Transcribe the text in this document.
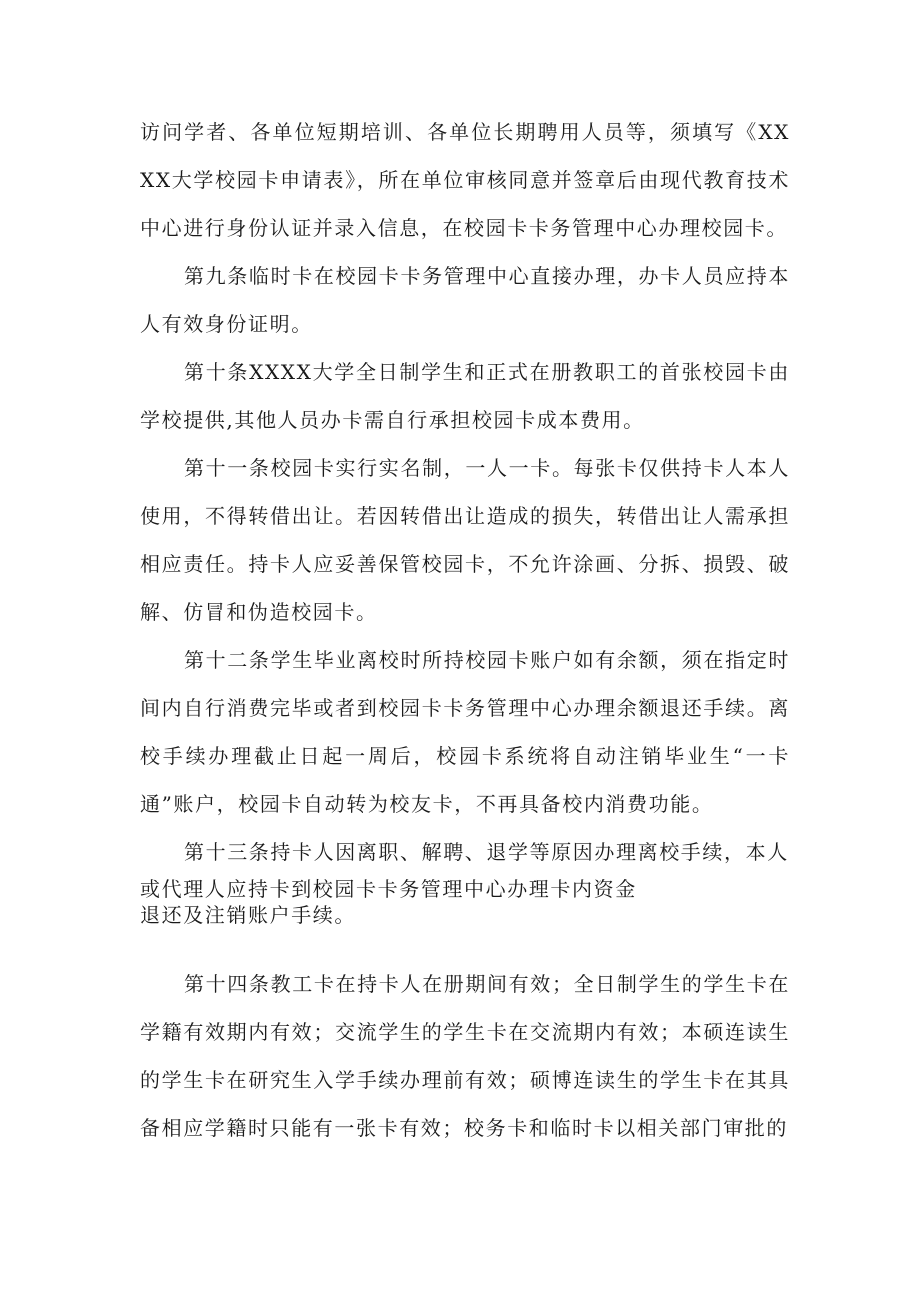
访问学者、各单位短期培训、各单位长期聘用人员等，须填写《XXXX大学校园卡申请表》，所在单位审核同意并签章后由现代教育技术中心进行身份认证并录入信息，在校园卡卡务管理中心办理校园卡。

第九条临时卡在校园卡卡务管理中心直接办理，办卡人员应持本人有效身份证明。

第十条XXXX大学全日制学生和正式在册教职工的首张校园卡由学校提供,其他人员办卡需自行承担校园卡成本费用。

第十一条校园卡实行实名制，一人一卡。每张卡仅供持卡人本人使用，不得转借出让。若因转借出让造成的损失，转借出让人需承担相应责任。持卡人应妥善保管校园卡，不允许涂画、分拆、损毁、破解、仿冒和伪造校园卡。

第十二条学生毕业离校时所持校园卡账户如有余额，须在指定时间内自行消费完毕或者到校园卡卡务管理中心办理余额退还手续。离校手续办理截止日起一周后，校园卡系统将自动注销毕业生“一卡通”账户，校园卡自动转为校友卡，不再具备校内消费功能。

第十三条持卡人因离职、解聘、退学等原因办理离校手续，本人
或代理人应持卡到校园卡卡务管理中心办理卡内资金
退还及注销账户手续。

第十四条教工卡在持卡人在册期间有效；全日制学生的学生卡在学籍有效期内有效；交流学生的学生卡在交流期内有效；本硕连读生的学生卡在研究生入学手续办理前有效；硕博连读生的学生卡在其具备相应学籍时只能有一张卡有效；校务卡和临时卡以相关部门审批的
